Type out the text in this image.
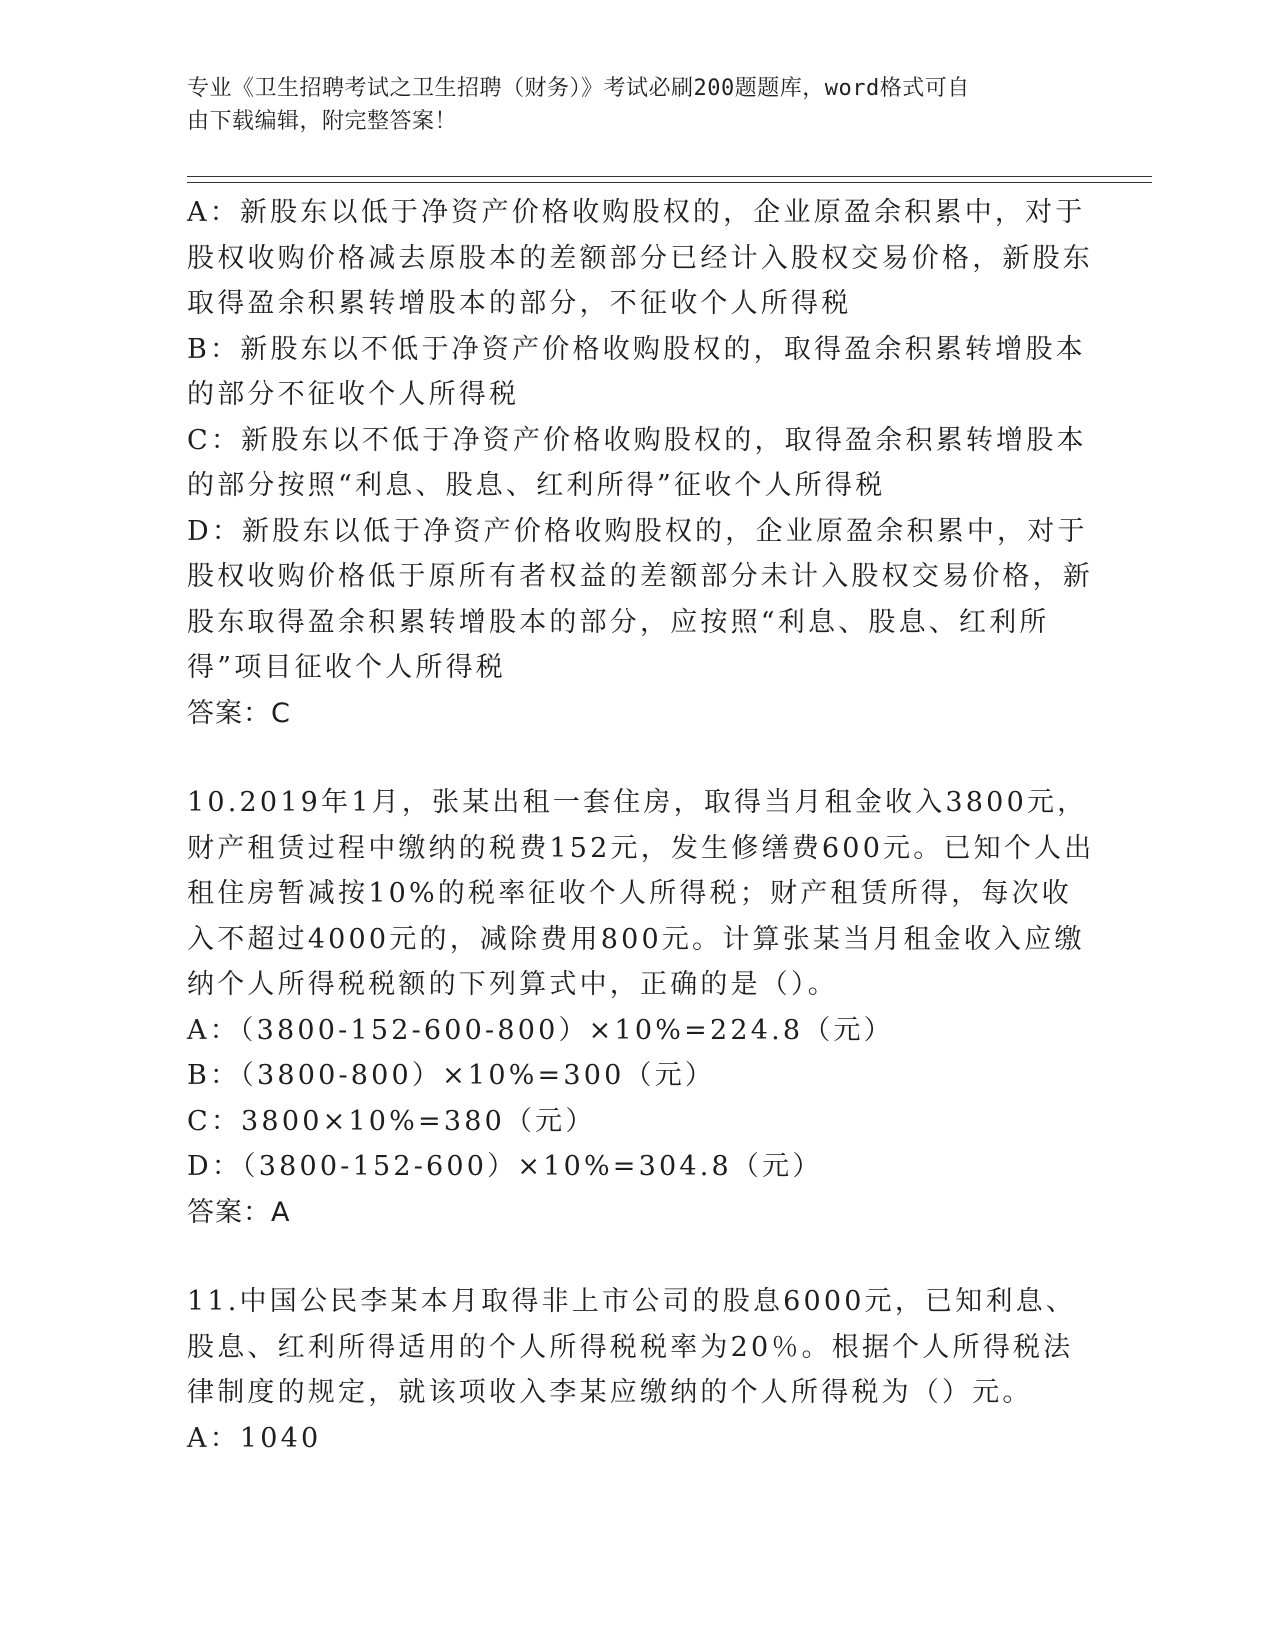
专业《卫生招聘考试之卫生招聘（财务）》考试必刷200题题库，word格式可自
由下载编辑，附完整答案！

A：新股东以低于净资产价格收购股权的，企业原盈余积累中，对于股权收购价格减去原股本的差额部分已经计入股权交易价格，新股东取得盈余积累转增股本的部分，不征收个人所得税

B：新股东以不低于净资产价格收购股权的，取得盈余积累转增股本的部分不征收个人所得税

C：新股东以不低于净资产价格收购股权的，取得盈余积累转增股本的部分按照“利息、股息、红利所得”征收个人所得税

D：新股东以低于净资产价格收购股权的，企业原盈余积累中，对于股权收购价格低于原所有者权益的差额部分未计入股权交易价格，新股东取得盈余积累转增股本的部分，应按照“利息、股息、红利所得”项目征收个人所得税

答案：C

10.2019年1月，张某出租一套住房，取得当月租金收入3800元，财产租赁过程中缴纳的税费152元，发生修缮费600元。已知个人出租住房暂减按10%的税率征收个人所得税；财产租赁所得，每次收入不超过4000元的，减除费用800元。计算张某当月租金收入应缴纳个人所得税税额的下列算式中，正确的是（）。

A：（3800-152-600-800）×10%=224.8（元）

B：（3800-800）×10%=300（元）

C：3800×10%=380（元）

D：（3800-152-600）×10%=304.8（元）

答案：A

11.中国公民李某本月取得非上市公司的股息6000元，已知利息、股息、红利所得适用的个人所得税税率为20％。根据个人所得税法律制度的规定，就该项收入李某应缴纳的个人所得税为（）元。

A：1040
